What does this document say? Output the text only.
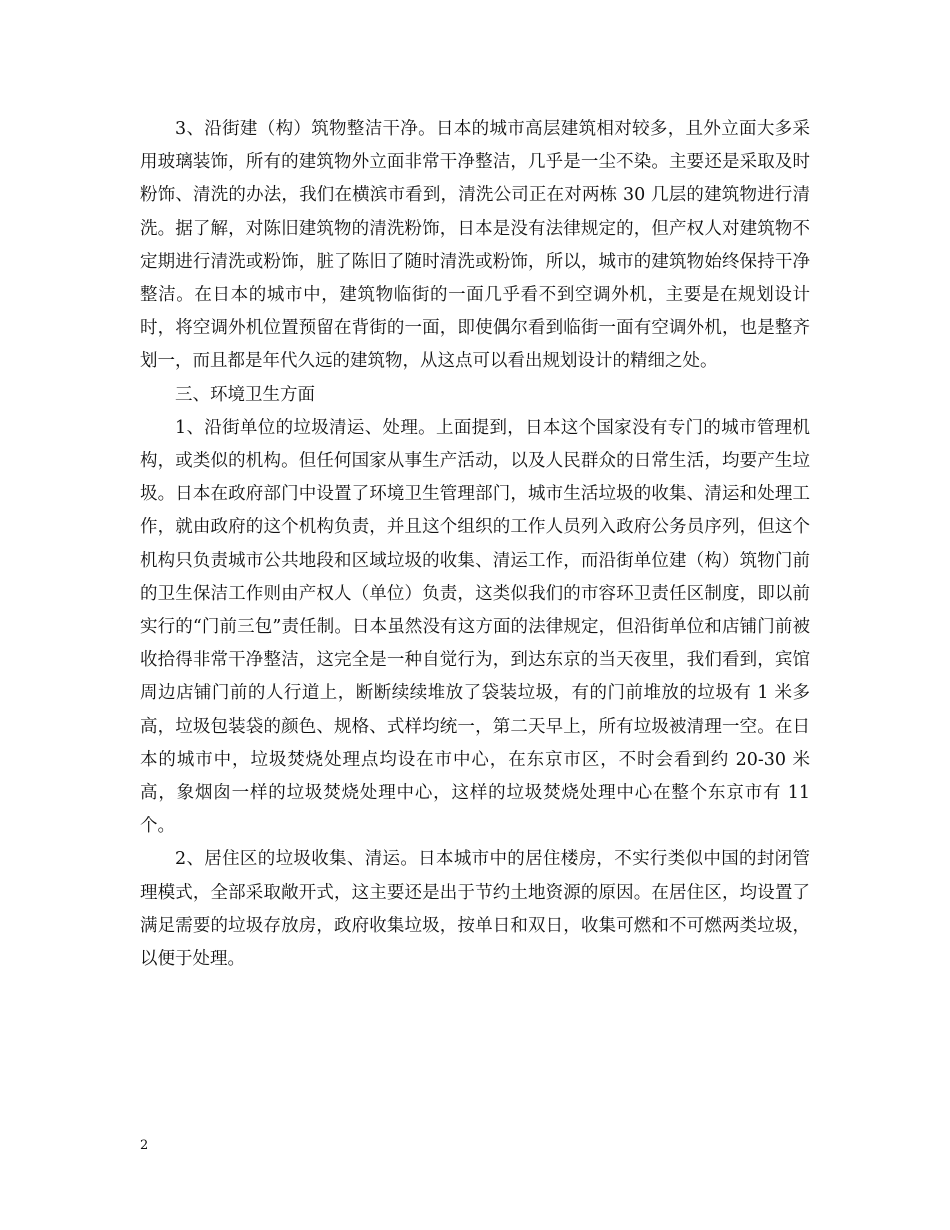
3、沿街建（构）筑物整洁干净。日本的城市高层建筑相对较多，且外立面大多采用玻璃装饰，所有的建筑物外立面非常干净整洁，几乎是一尘不染。主要还是采取及时粉饰、清洗的办法，我们在横滨市看到，清洗公司正在对两栋 30 几层的建筑物进行清洗。据了解，对陈旧建筑物的清洗粉饰，日本是没有法律规定的，但产权人对建筑物不定期进行清洗或粉饰，脏了陈旧了随时清洗或粉饰，所以，城市的建筑物始终保持干净整洁。在日本的城市中，建筑物临街的一面几乎看不到空调外机，主要是在规划设计时，将空调外机位置预留在背街的一面，即使偶尔看到临街一面有空调外机，也是整齐划一，而且都是年代久远的建筑物，从这点可以看出规划设计的精细之处。

三、环境卫生方面

1、沿街单位的垃圾清运、处理。上面提到，日本这个国家没有专门的城市管理机构，或类似的机构。但任何国家从事生产活动，以及人民群众的日常生活，均要产生垃圾。日本在政府部门中设置了环境卫生管理部门，城市生活垃圾的收集、清运和处理工作，就由政府的这个机构负责，并且这个组织的工作人员列入政府公务员序列，但这个机构只负责城市公共地段和区域垃圾的收集、清运工作，而沿街单位建（构）筑物门前的卫生保洁工作则由产权人（单位）负责，这类似我们的市容环卫责任区制度，即以前实行的“门前三包”责任制。日本虽然没有这方面的法律规定，但沿街单位和店铺门前被收拾得非常干净整洁，这完全是一种自觉行为，到达东京的当天夜里，我们看到，宾馆周边店铺门前的人行道上，断断续续堆放了袋装垃圾，有的门前堆放的垃圾有 1 米多高，垃圾包装袋的颜色、规格、式样均统一，第二天早上，所有垃圾被清理一空。在日本的城市中，垃圾焚烧处理点均设在市中心，在东京市区，不时会看到约 20-30 米高，象烟囱一样的垃圾焚烧处理中心，这样的垃圾焚烧处理中心在整个东京市有 11 个。

2、居住区的垃圾收集、清运。日本城市中的居住楼房，不实行类似中国的封闭管理模式，全部采取敞开式，这主要还是出于节约土地资源的原因。在居住区，均设置了满足需要的垃圾存放房，政府收集垃圾，按单日和双日，收集可燃和不可燃两类垃圾，以便于处理。

2
